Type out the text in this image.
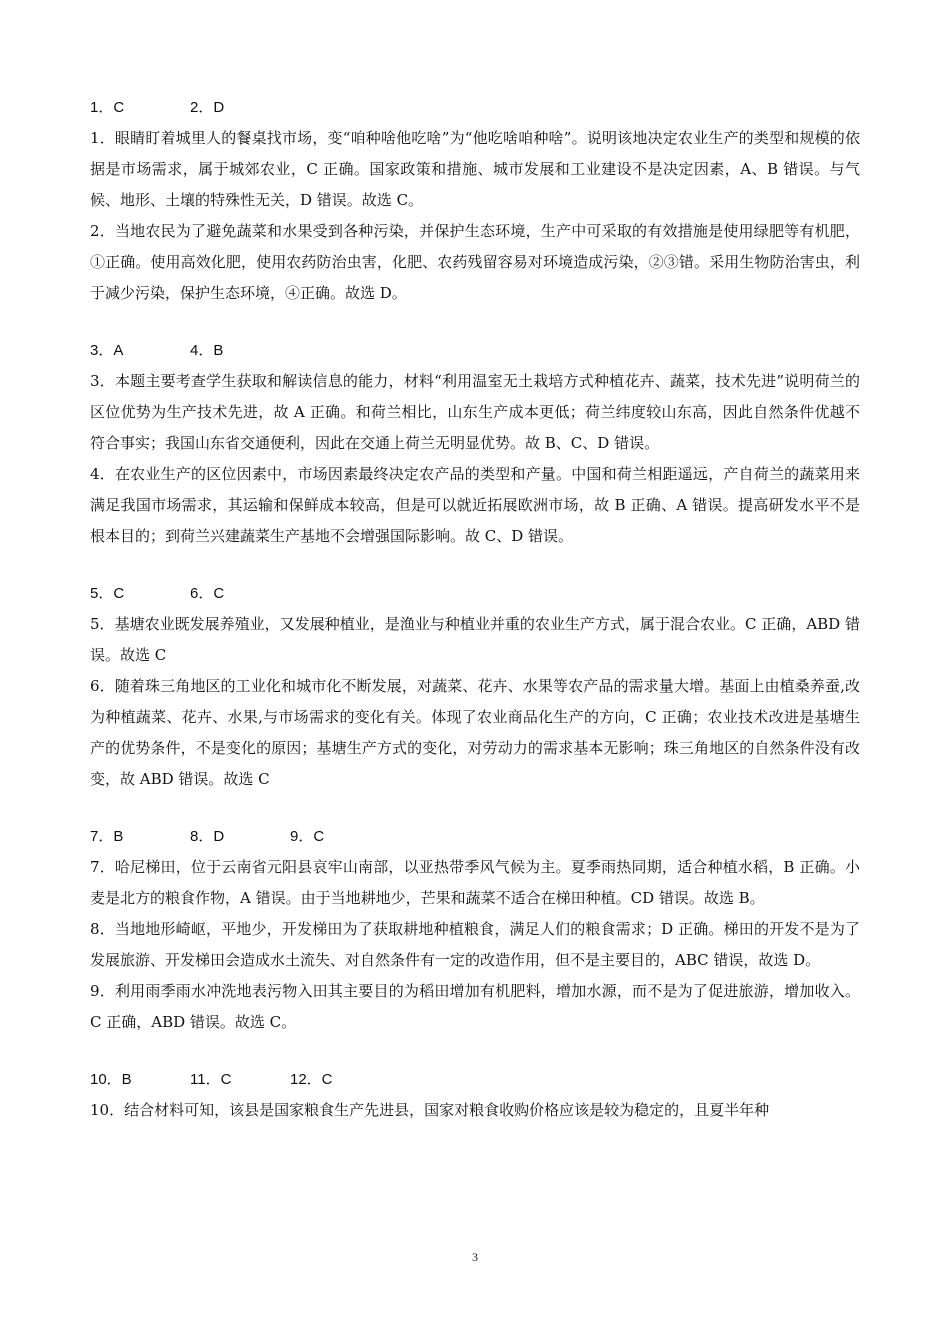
1．C	2．D

1．眼睛盯着城里人的餐桌找市场，变“咱种啥他吃啥”为“他吃啥咱种啥”。说明该地决定农业生产的类型和规模的依据是市场需求，属于城郊农业，C 正确。国家政策和措施、城市发展和工业建设不是决定因素，A、B 错误。与气候、地形、土壤的特殊性无关，D 错误。故选 C。

2．当地农民为了避免蔬菜和水果受到各种污染，并保护生态环境，生产中可采取的有效措施是使用绿肥等有机肥，①正确。使用高效化肥，使用农药防治虫害，化肥、农药残留容易对环境造成污染，②③错。采用生物防治害虫，利于减少污染，保护生态环境，④正确。故选 D。

3．A	4．B

3．本题主要考查学生获取和解读信息的能力，材料“利用温室无土栽培方式种植花卉、蔬菜，技术先进”说明荷兰的区位优势为生产技术先进，故 A 正确。和荷兰相比，山东生产成本更低；荷兰纬度较山东高，因此自然条件优越不符合事实；我国山东省交通便利，因此在交通上荷兰无明显优势。故 B、C、D 错误。

4．在农业生产的区位因素中，市场因素最终决定农产品的类型和产量。中国和荷兰相距遥远，产自荷兰的蔬菜用来满足我国市场需求，其运输和保鲜成本较高，但是可以就近拓展欧洲市场，故 B 正确、A 错误。提高研发水平不是根本目的；到荷兰兴建蔬菜生产基地不会增强国际影响。故 C、D 错误。

5．C	6．C

5．基塘农业既发展养殖业，又发展种植业，是渔业与种植业并重的农业生产方式，属于混合农业。C 正确，ABD 错误。故选 C

6．随着珠三角地区的工业化和城市化不断发展，对蔬菜、花卉、水果等农产品的需求量大增。基面上由植桑养蚕,改为种植蔬菜、花卉、水果,与市场需求的变化有关。体现了农业商品化生产的方向，C 正确；农业技术改进是基塘生产的优势条件，不是变化的原因；基塘生产方式的变化，对劳动力的需求基本无影响；珠三角地区的自然条件没有改变，故 ABD 错误。故选 C

7．B	8．D	9．C

7．哈尼梯田，位于云南省元阳县哀牢山南部，以亚热带季风气候为主。夏季雨热同期，适合种植水稻，B 正确。小麦是北方的粮食作物，A 错误。由于当地耕地少，芒果和蔬菜不适合在梯田种植。CD 错误。故选 B。

8．当地地形崎岖，平地少，开发梯田为了获取耕地种植粮食，满足人们的粮食需求；D 正确。梯田的开发不是为了发展旅游、开发梯田会造成水土流失、对自然条件有一定的改造作用，但不是主要目的，ABC 错误，故选 D。

9．利用雨季雨水冲洗地表污物入田其主要目的为稻田增加有机肥料，增加水源，而不是为了促进旅游，增加收入。C 正确，ABD 错误。故选 C。

10．B	11．C	12．C

10．结合材料可知，该县是国家粮食生产先进县，国家对粮食收购价格应该是较为稳定的，且夏半年种

3
